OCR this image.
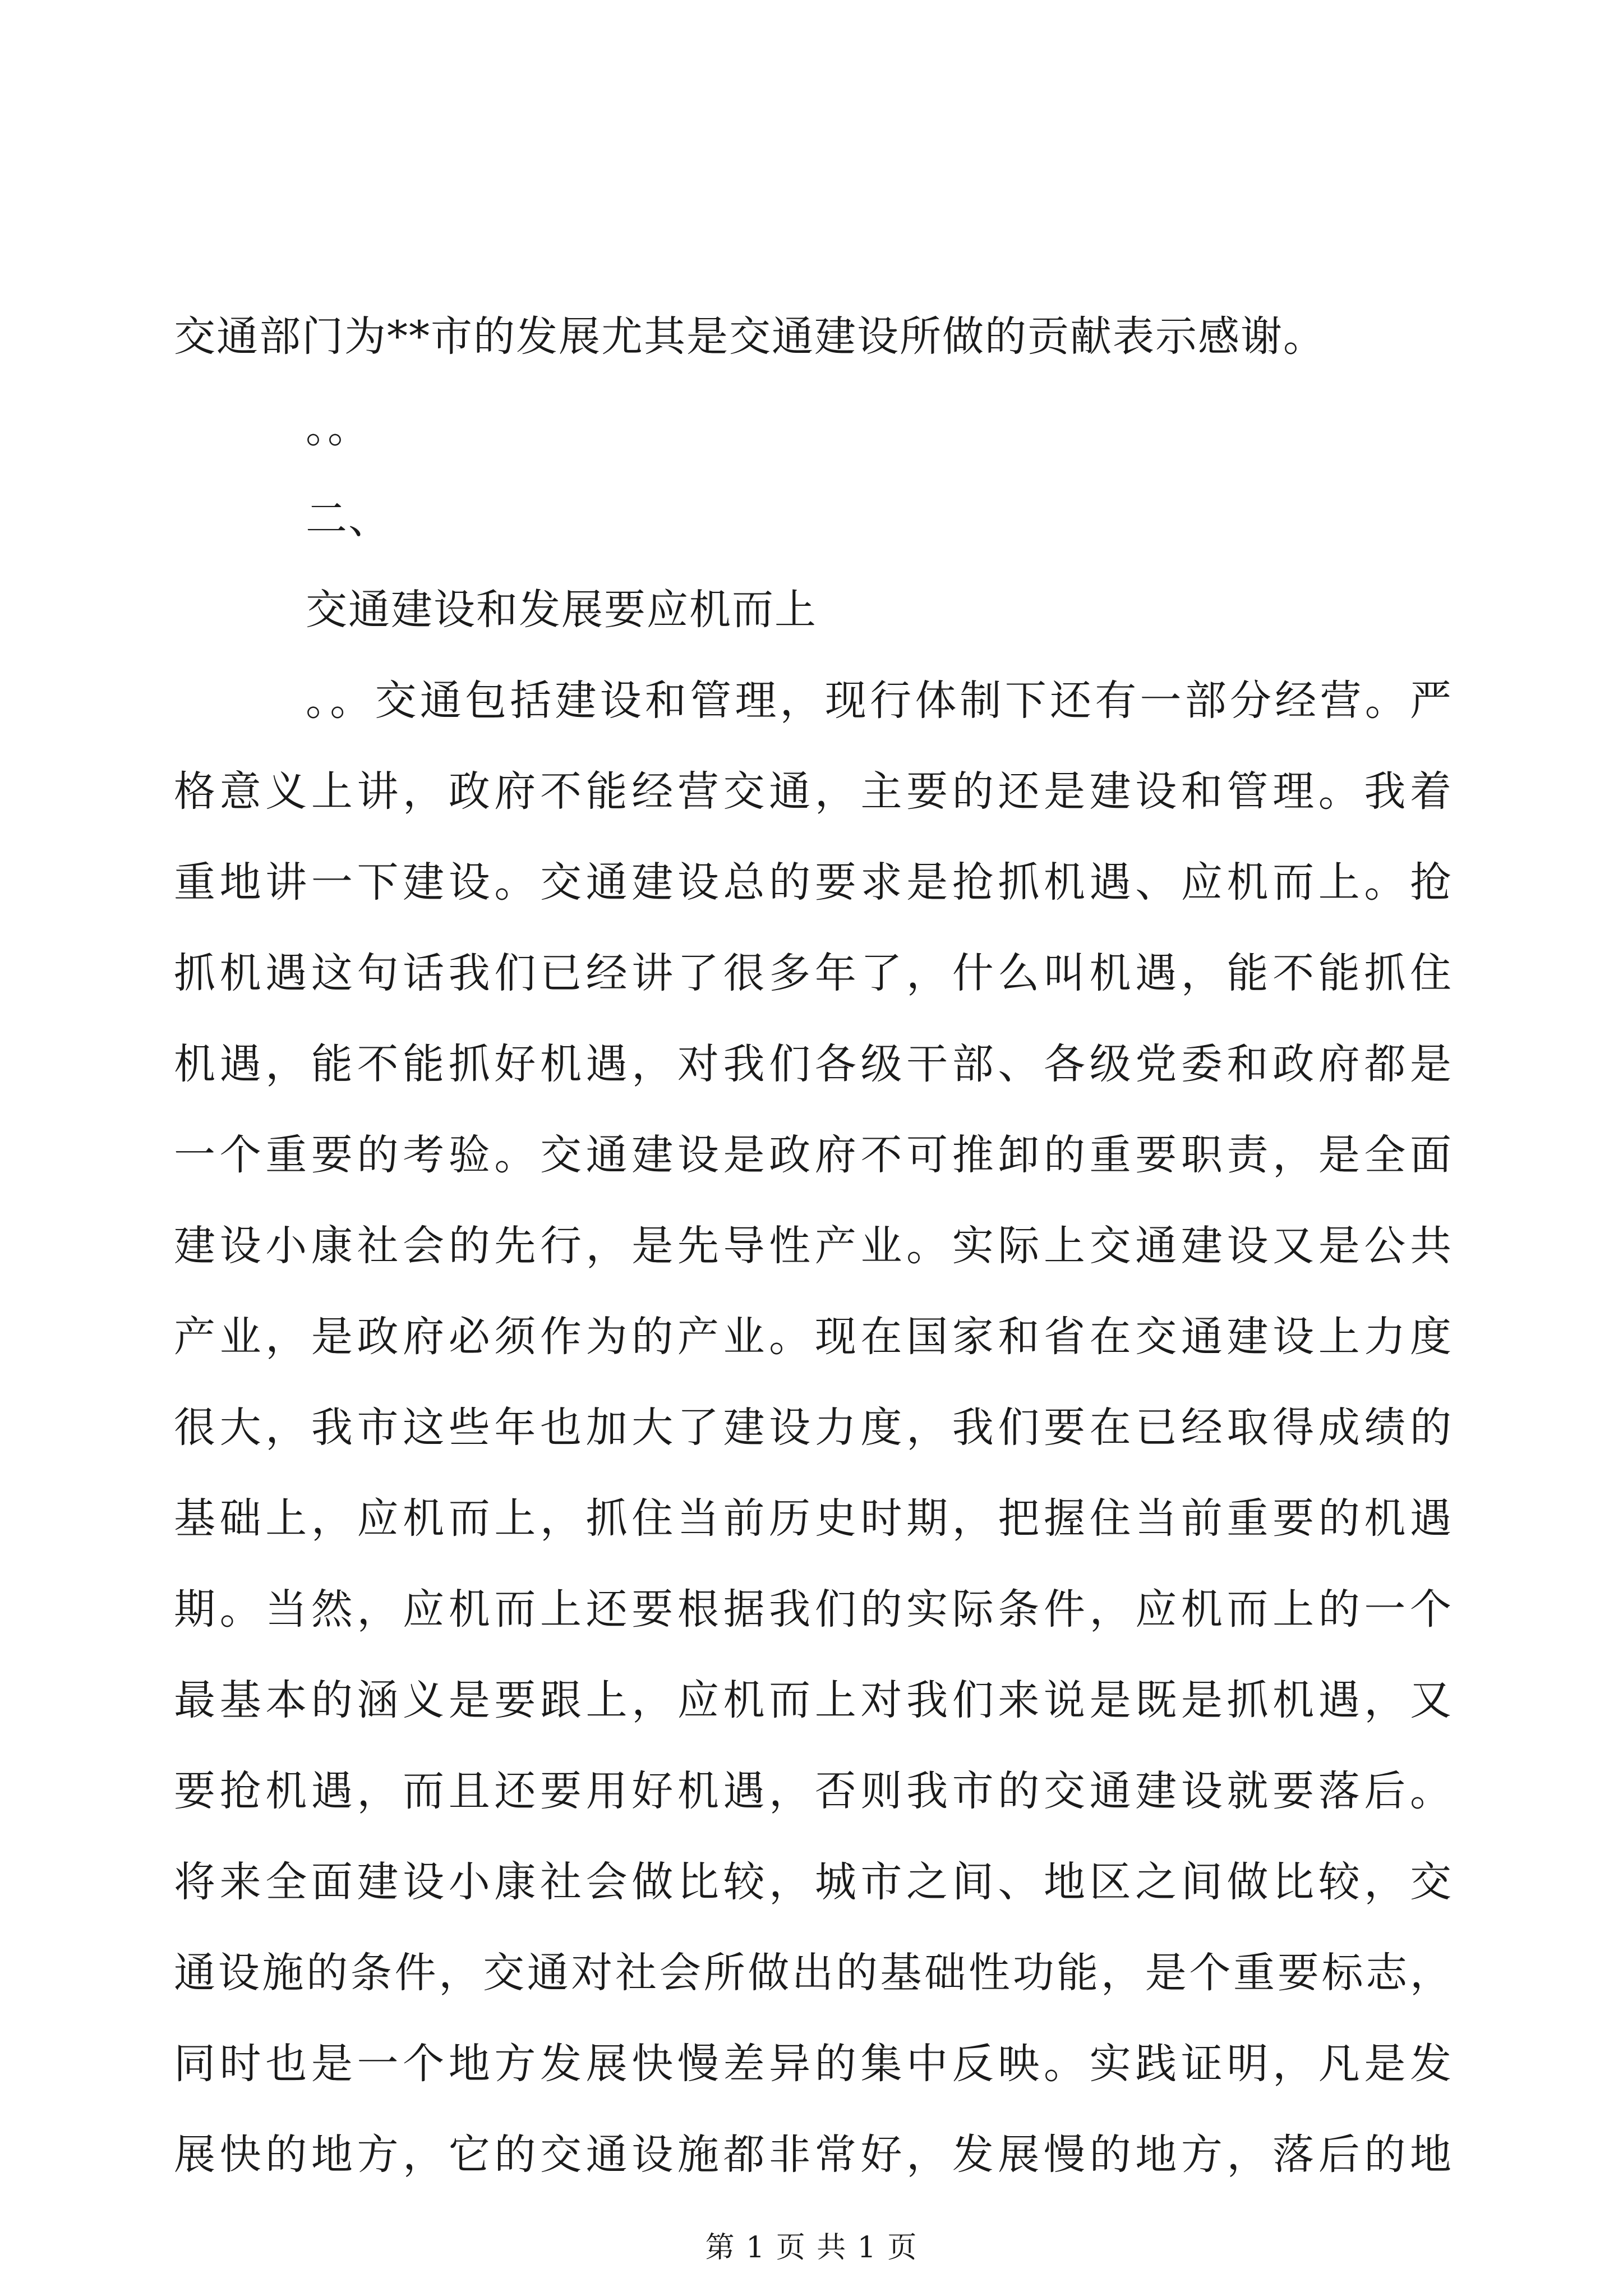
交通部门为**市的发展尤其是交通建设所做的贡献表示感谢。
。。
二、
交通建设和发展要应机而上
。。交通包括建设和管理，现行体制下还有一部分经营。严
格意义上讲，政府不能经营交通，主要的还是建设和管理。我着
重地讲一下建设。交通建设总的要求是抢抓机遇、应机而上。抢
抓机遇这句话我们已经讲了很多年了，什么叫机遇，能不能抓住
机遇，能不能抓好机遇，对我们各级干部、各级党委和政府都是
一个重要的考验。交通建设是政府不可推卸的重要职责，是全面
建设小康社会的先行，是先导性产业。实际上交通建设又是公共
产业，是政府必须作为的产业。现在国家和省在交通建设上力度
很大，我市这些年也加大了建设力度，我们要在已经取得成绩的
基础上，应机而上，抓住当前历史时期，把握住当前重要的机遇
期。当然，应机而上还要根据我们的实际条件，应机而上的一个
最基本的涵义是要跟上，应机而上对我们来说是既是抓机遇，又
要抢机遇，而且还要用好机遇，否则我市的交通建设就要落后。
将来全面建设小康社会做比较，城市之间、地区之间做比较，交
通设施的条件，交通对社会所做出的基础性功能，是个重要标志，
同时也是一个地方发展快慢差异的集中反映。实践证明，凡是发
展快的地方，它的交通设施都非常好，发展慢的地方，落后的地
第 1 页 共 1 页
